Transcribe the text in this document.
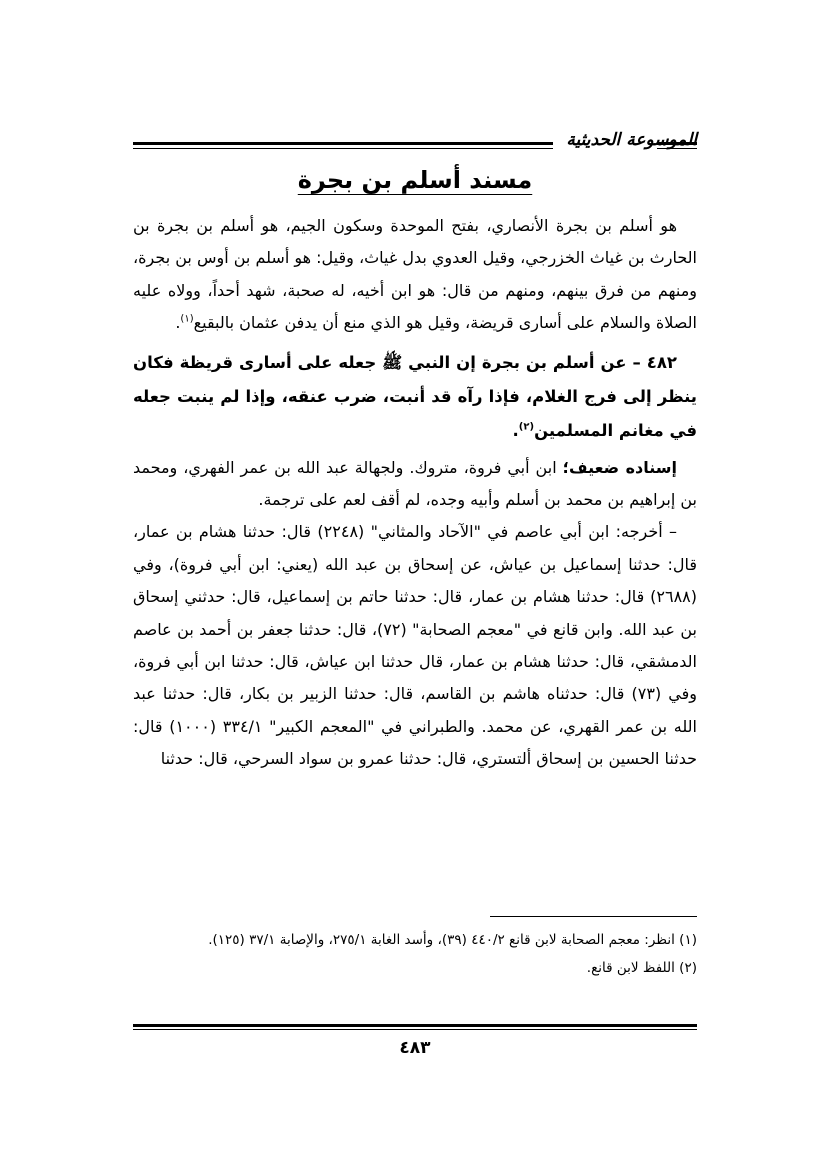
الموسوعة الحديثية
مسند أسلم بن بجرة

هو أسلم بن بجرة الأنصاري، بفتح الموحدة وسكون الجيم، هو أسلم بن بجرة بن الحارث بن غياث الخزرجي، وقيل العدوي بدل غياث، وقيل: هو أسلم بن أوس بن بجرة، ومنهم من فرق بينهم، ومنهم من قال: هو ابن أخيه، له صحبة، شهد أحداً، وولاه عليه الصلاة والسلام على أسارى قريضة، وقيل هو الذي منع أن يدفن عثمان بالبقيع$^{(١)}$.

٤٨٢ – عن أسلم بن بجرة إن النبي ﷺ جعله على أسارى قريظة فكان ينظر إلى فرج الغلام، فإذا رآه قد أنبت، ضرب عنقه، وإذا لم ينبت جعله في مغانم المسلمين$^{(٢)}$.

إسناده ضعيف؛ ابن أبي فروة، متروك. ولجهالة عبد الله بن عمر الفهري، ومحمد بن إبراهيم بن محمد بن أسلم وأبيه وجده، لم أقف لعم على ترجمة.

– أخرجه: ابن أبي عاصم في "الآحاد والمثاني" (٢٢٤٨) قال: حدثنا هشام بن عمار، قال: حدثنا إسماعيل بن عياش، عن إسحاق بن عبد الله (يعني: ابن أبي فروة)، وفي (٢٦٨٨) قال: حدثنا هشام بن عمار، قال: حدثنا حاتم بن إسماعيل، قال: حدثني إسحاق بن عبد الله. وابن قانع في "معجم الصحابة" (٧٢)، قال: حدثنا جعفر بن أحمد بن عاصم الدمشقي، قال: حدثنا هشام بن عمار، قال حدثنا ابن عياش، قال: حدثنا ابن أبي فروة، وفي (٧٣) قال: حدثناه هاشم بن القاسم، قال: حدثنا الزبير بن بكار، قال: حدثنا عبد الله بن عمر القهري، عن محمد. والطبراني في "المعجم الكبير" ٣٣٤/١ (١٠٠٠) قال: حدثنا الحسين بن إسحاق ألتستري، قال: حدثنا عمرو بن سواد السرحي، قال: حدثنا

(١) انظر: معجم الصحابة لابن قانع ٤٤٠/٢ (٣٩)، وأسد الغابة ٢٧٥/١، والإصابة ٣٧/١ (١٢٥).

(٢) اللفظ لابن قانع.

٤٨٣
